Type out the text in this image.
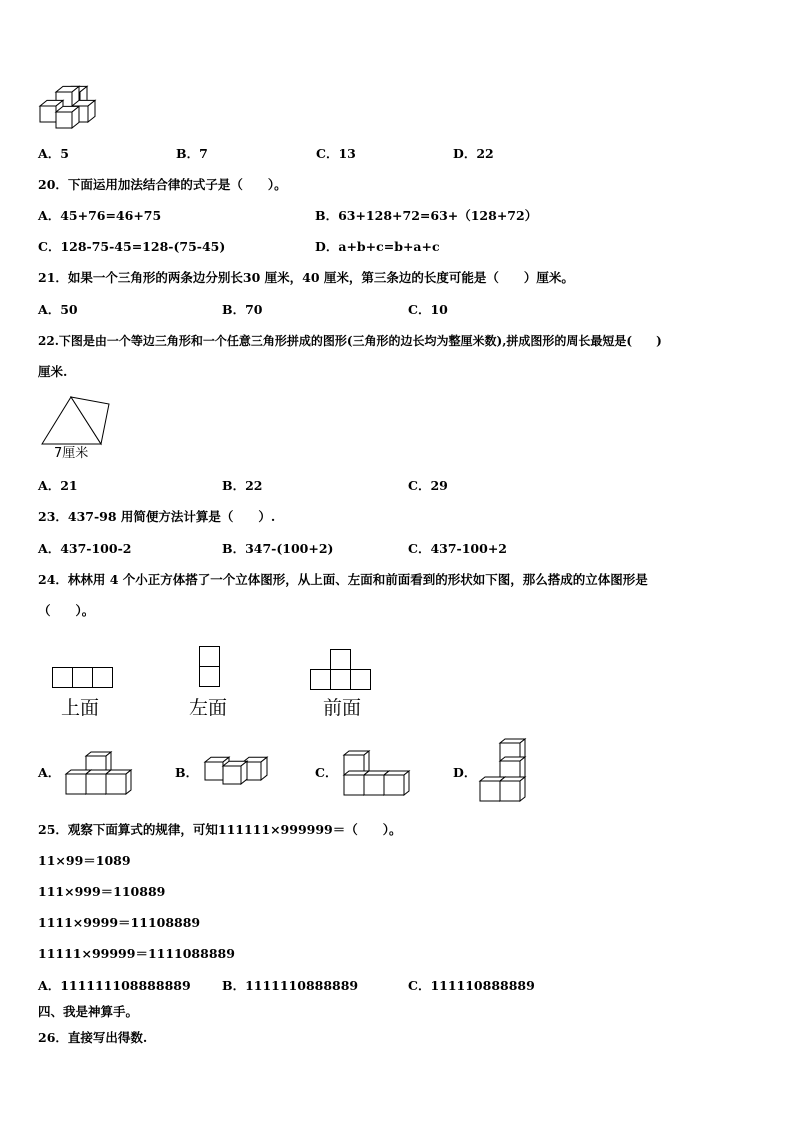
A．5	B．7	C．13	D．22
20．下面运用加法结合律的式子是（　　）。
A．45+76=46+75	B．63+128+72=63+（128+72）
C．128-75-45=128-(75-45)	D．a+b+c=b+a+c
21．如果一个三角形的两条边分别长30 厘米，40 厘米，第三条边的长度可能是（　　）厘米。
A．50	B．70	C．10
22.下图是由一个等边三角形和一个任意三角形拼成的图形(三角形的边长均为整厘米数),拼成图形的周长最短是(　　)
厘米.
7厘米
A．21	B．22	C．29
23．437-98 用简便方法计算是（　　）.
A．437-100-2	B．347-(100+2)	C．437-100+2
24．林林用 4 个小正方体搭了一个立体图形，从上面、左面和前面看到的形状如下图，那么搭成的立体图形是
（　　）。
上面	左面	前面
A．	B．	C．	D．
25．观察下面算式的规律，可知111111×999999＝（　　）。
11×99＝1089
111×999＝110889
1111×9999＝11108889
11111×99999＝1111088889
A．111111108888889	B．1111110888889	C．111110888889
四、我是神算手。
26．直接写出得数.
